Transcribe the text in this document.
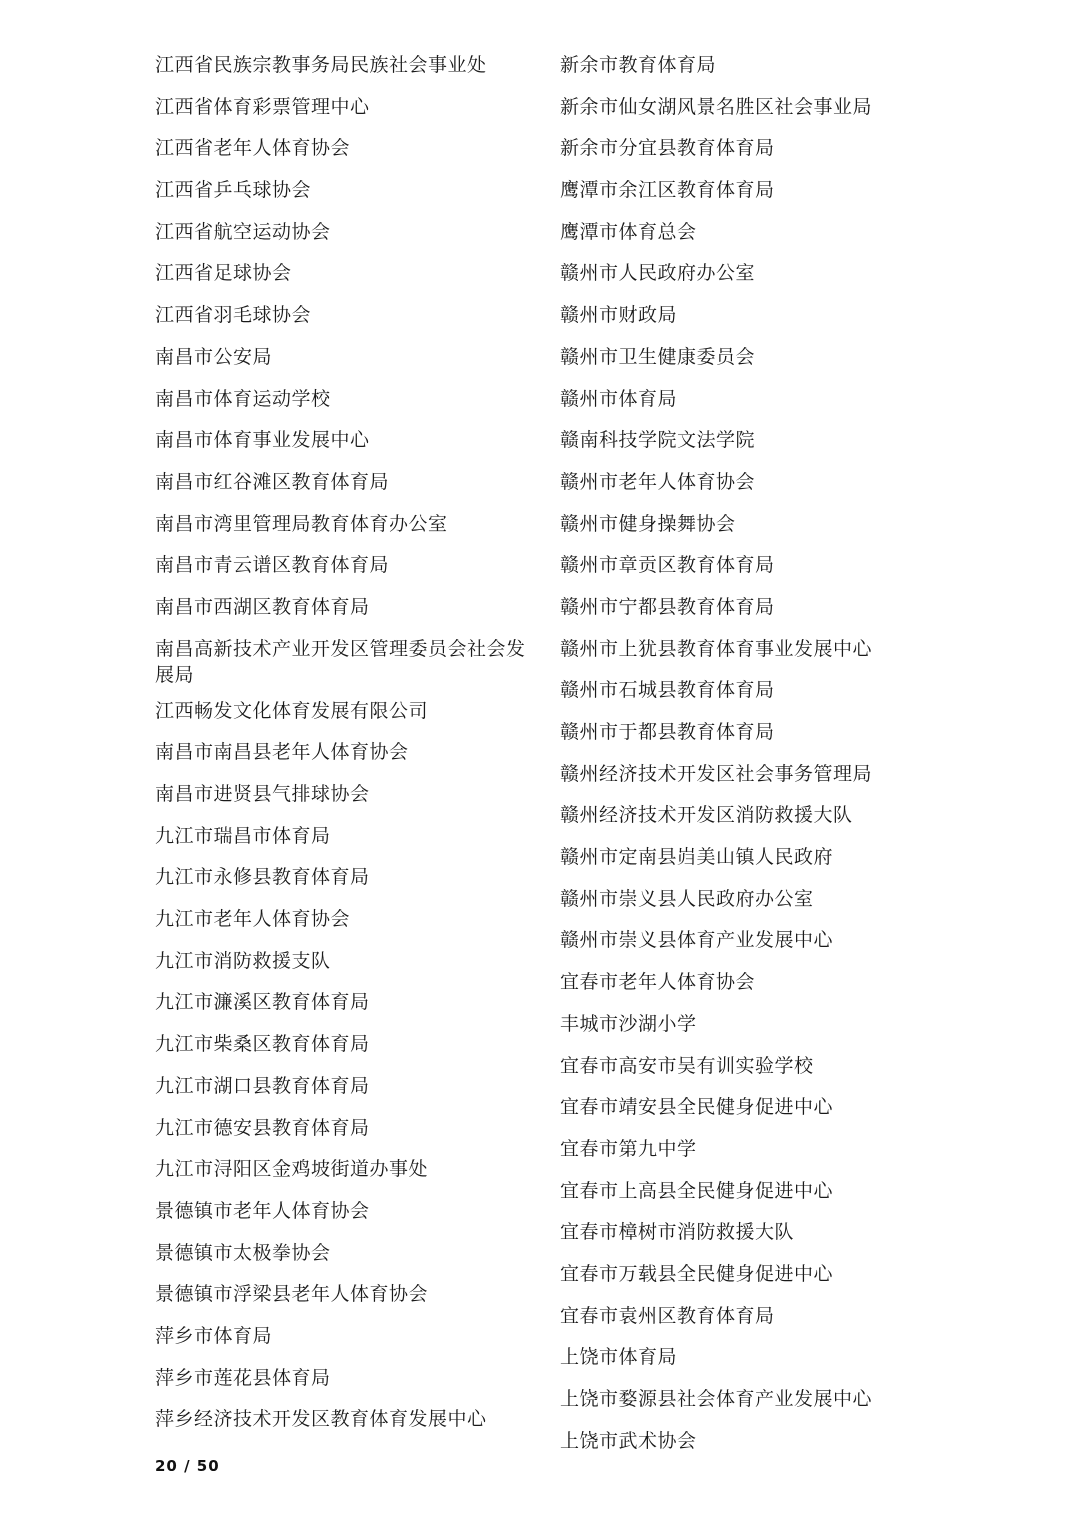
江西省民族宗教事务局民族社会事业处
江西省体育彩票管理中心
江西省老年人体育协会
江西省乒乓球协会
江西省航空运动协会
江西省足球协会
江西省羽毛球协会
南昌市公安局
南昌市体育运动学校
南昌市体育事业发展中心
南昌市红谷滩区教育体育局
南昌市湾里管理局教育体育办公室
南昌市青云谱区教育体育局
南昌市西湖区教育体育局
南昌高新技术产业开发区管理委员会社会发展局
江西畅发文化体育发展有限公司
南昌市南昌县老年人体育协会
南昌市进贤县气排球协会
九江市瑞昌市体育局
九江市永修县教育体育局
九江市老年人体育协会
九江市消防救援支队
九江市濂溪区教育体育局
九江市柴桑区教育体育局
九江市湖口县教育体育局
九江市德安县教育体育局
九江市浔阳区金鸡坡街道办事处
景德镇市老年人体育协会
景德镇市太极拳协会
景德镇市浮梁县老年人体育协会
萍乡市体育局
萍乡市莲花县体育局
萍乡经济技术开发区教育体育发展中心
新余市教育体育局
新余市仙女湖风景名胜区社会事业局
新余市分宜县教育体育局
鹰潭市余江区教育体育局
鹰潭市体育总会
赣州市人民政府办公室
赣州市财政局
赣州市卫生健康委员会
赣州市体育局
赣南科技学院文法学院
赣州市老年人体育协会
赣州市健身操舞协会
赣州市章贡区教育体育局
赣州市宁都县教育体育局
赣州市上犹县教育体育事业发展中心
赣州市石城县教育体育局
赣州市于都县教育体育局
赣州经济技术开发区社会事务管理局
赣州经济技术开发区消防救援大队
赣州市定南县岿美山镇人民政府
赣州市崇义县人民政府办公室
赣州市崇义县体育产业发展中心
宜春市老年人体育协会
丰城市沙湖小学
宜春市高安市吴有训实验学校
宜春市靖安县全民健身促进中心
宜春市第九中学
宜春市上高县全民健身促进中心
宜春市樟树市消防救援大队
宜春市万载县全民健身促进中心
宜春市袁州区教育体育局
上饶市体育局
上饶市婺源县社会体育产业发展中心
上饶市武术协会
20 / 50
